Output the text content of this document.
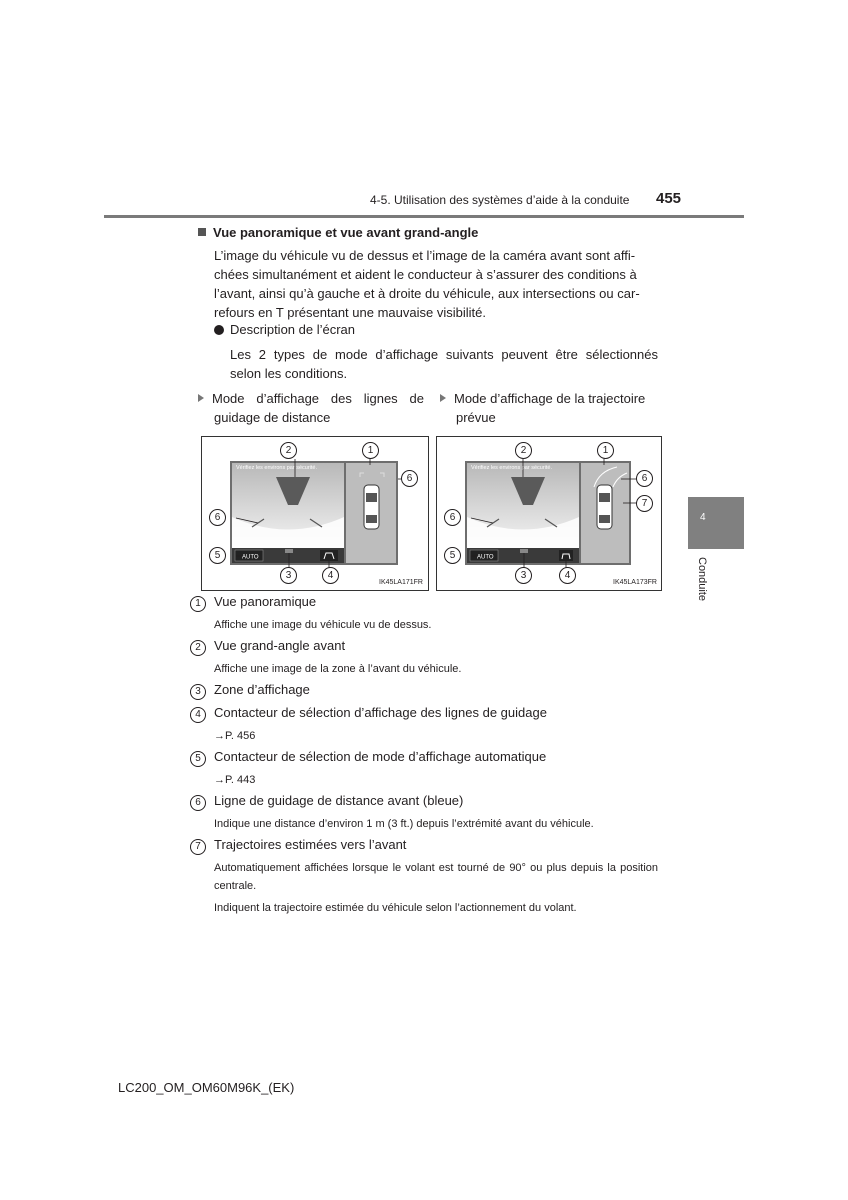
4-5. Utilisation des systèmes d’aide à la conduite 455
4
Conduite
Vue panoramique et vue avant grand-angle
L’image du véhicule vu de dessus et l’image de la caméra avant sont affi-
chées simultanément et aident le conducteur à s’assurer des conditions à
l’avant, ainsi qu’à gauche et à droite du véhicule, aux intersections ou car-
refours en T présentant une mauvaise visibilité.
Description de l’écran
Les 2 types de mode d’affichage suivants peuvent être sélectionnés
selon les conditions.
Mode d’affichage des lignes de
guidage de distance
Mode d’affichage de la trajectoire
prévue
Vérifiez les environs par sécurité.
AUTO
2	1
6
6
5
3	4
IK45LA171FR
Vérifiez les environs par sécurité.
AUTO
2	1
6
7
6
5
3	4
IK45LA173FR
1 Vue panoramique
Affiche une image du véhicule vu de dessus.
2 Vue grand-angle avant
Affiche une image de la zone à l’avant du véhicule.
3 Zone d’affichage
4 Contacteur de sélection d’affichage des lignes de guidage
→P. 456
5 Contacteur de sélection de mode d’affichage automatique
→P. 443
6 Ligne de guidage de distance avant (bleue)
Indique une distance d’environ 1 m (3 ft.) depuis l’extrémité avant du véhicule.
7 Trajectoires estimées vers l’avant
Automatiquement affichées lorsque le volant est tourné de 90° ou plus depuis la position centrale.
Indiquent la trajectoire estimée du véhicule selon l’actionnement du volant.
LC200_OM_OM60M96K_(EK)
